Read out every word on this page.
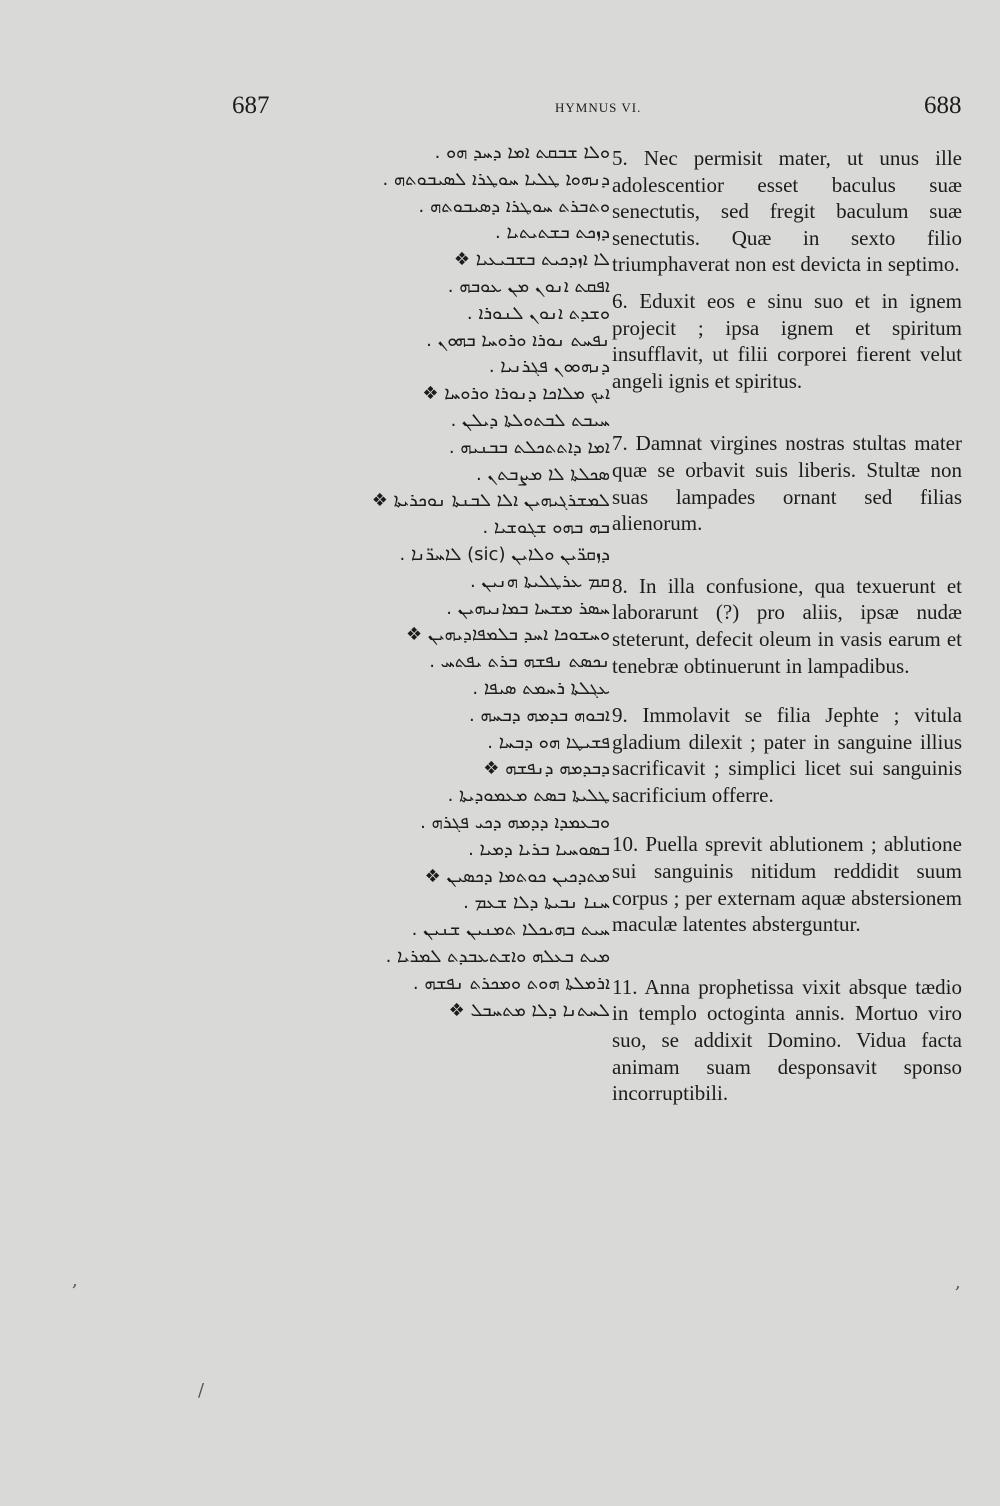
687	HYMNUS VI.	688
ܘܠܐ ܫܒܩܬ ܐܡܐ ܕܚܕ ܗܘ .
ܕܢܗܘܐ ܛܠܝܐ ܚܘܛܪܐ ܠܣܝܒܘܬܗ .
ܘܬܒܪܬ ܚܘܛܪܐ ܕܣܝܒܘܬܗ .
ܕܙܟܬ ܒܫܬܝܬܝܐ .
ܠܐ ܐܙܕܟܝܬ ܒܫܒܝܥܝܐ ❖
ܐܦܩܬ ܐܢܘܢ ܡܢ ܥܘܒܗ .
ܘܫܕܬ ܐܢܘܢ ܠܢܘܪܐ .
ܢܦܚܬ ܢܘܪܐ ܘܪܘܚܐ ܒܗܘܢ .
ܕܢܗܘܘܢ ܦܓܪܢܝܐ .
ܐܝܟ ܡܠܐܟܐ ܕܢܘܪܐ ܘܪܘܚܐ ❖
ܚܝܒܬ ܠܒܬܘܠܬܐ ܕܝܠܢ .
ܐܡܐ ܕܐܬܬܟܠܬ ܒܒܢܝܗ .
ܣܟܠܬܐ ܠܐ ܡܨܒܬܢ .
ܠܡܫܪܓܝܗܝܢ ܐܠܐ ܠܒܢܬܐ ܢܘܟܪܝܬܐ ❖
ܒܗ ܒܗܘ ܫܓܘܫܝܐ .
ܕܙܩܪ̈ܝܢ ܘܠܐܝܢ (sic) ܠܐܚܪ̈ܢܐ .
ܩܡ ܥܪܛܠܝܬܐ ܗܢܝܢ .
ܚܣܪ ܡܫܚܐ ܒܡܐܢܝܗܝܢ .
ܘܚܫܘܟܐ ܐܚܕ ܒܠܡܦܐܕܝܗܝܢ ❖
ܢܟܣܬ ܢܦܫܗ ܒܪܬ ܝܦܬܚ .
ܥܓܠܬܐ ܪܚܡܬ ܣܝܦܐ .
ܐܒܘܗ ܒܕܡܗ ܕܒܚܗ .
ܦܫܝܛܐ ܗܘ ܕܒܚܐ .
ܕܒܕܡܗ ܕܢܦܫܗ ❖
ܛܠܝܬܐ ܒܣܬ ܡܥܡܘܕܝܬܐ .
ܘܒܥܡܕܐ ܕܕܡܗ ܕܟܝ ܦܓܪܗ .
ܒܣܘܚܝܐ ܒܪܝܐ ܕܡܝܐ .
ܡܬܕܟܝܢ ܟܘܬܡܐ ܕܟܣܝܢ ❖
ܚܢܐ ܢܒܝܬܐ ܕܠܐ ܫܥܡ .
ܚܝܬ ܒܗܝܟܠܐ ܬܡܢܝܢ ܫܢܝܢ .
ܡܝܬ ܒܥܠܗ ܘܐܫܬܥܒܕܬ ܠܡܪܝܐ .
ܐܪܡܠܬܐ ܗܘܬ ܘܡܟܪܬ ܢܦܫܗ .
ܠܚܬܢܐ ܕܠܐ ܡܬܚܒܠ ❖

5. Nec permisit mater, ut unus ille adolescentior esset baculus suæ senectutis, sed fregit baculum suæ senectutis. Quæ in sexto filio triumphaverat non est devicta in septimo.

6. Eduxit eos e sinu suo et in ignem projecit ; ipsa ignem et spiritum insufflavit, ut filii corporei fierent velut angeli ignis et spiritus.

7. Damnat virgines nostras stultas mater quæ se orbavit suis liberis. Stultæ non suas lampades ornant sed filias alienorum.

8. In illa confusione, qua texuerunt et laborarunt (?) pro aliis, ipsæ nudæ steterunt, defecit oleum in vasis earum et tenebræ obtinuerunt in lampadibus.

9. Immolavit se filia Jephte ; vitula gladium dilexit ; pater in sanguine illius sacrificavit ; simplici licet sui sanguinis sacrificium offerre.

10. Puella sprevit ablutionem ; ablutione sui sanguinis nitidum reddidit suum corpus ; per externam aquæ abstersionem maculæ latentes absterguntur.

11. Anna prophetissa vixit absque tædio in templo octoginta annis. Mortuo viro suo, se addixit Domino. Vidua facta animam suam desponsavit sponso incorruptibili.

/
,	,
